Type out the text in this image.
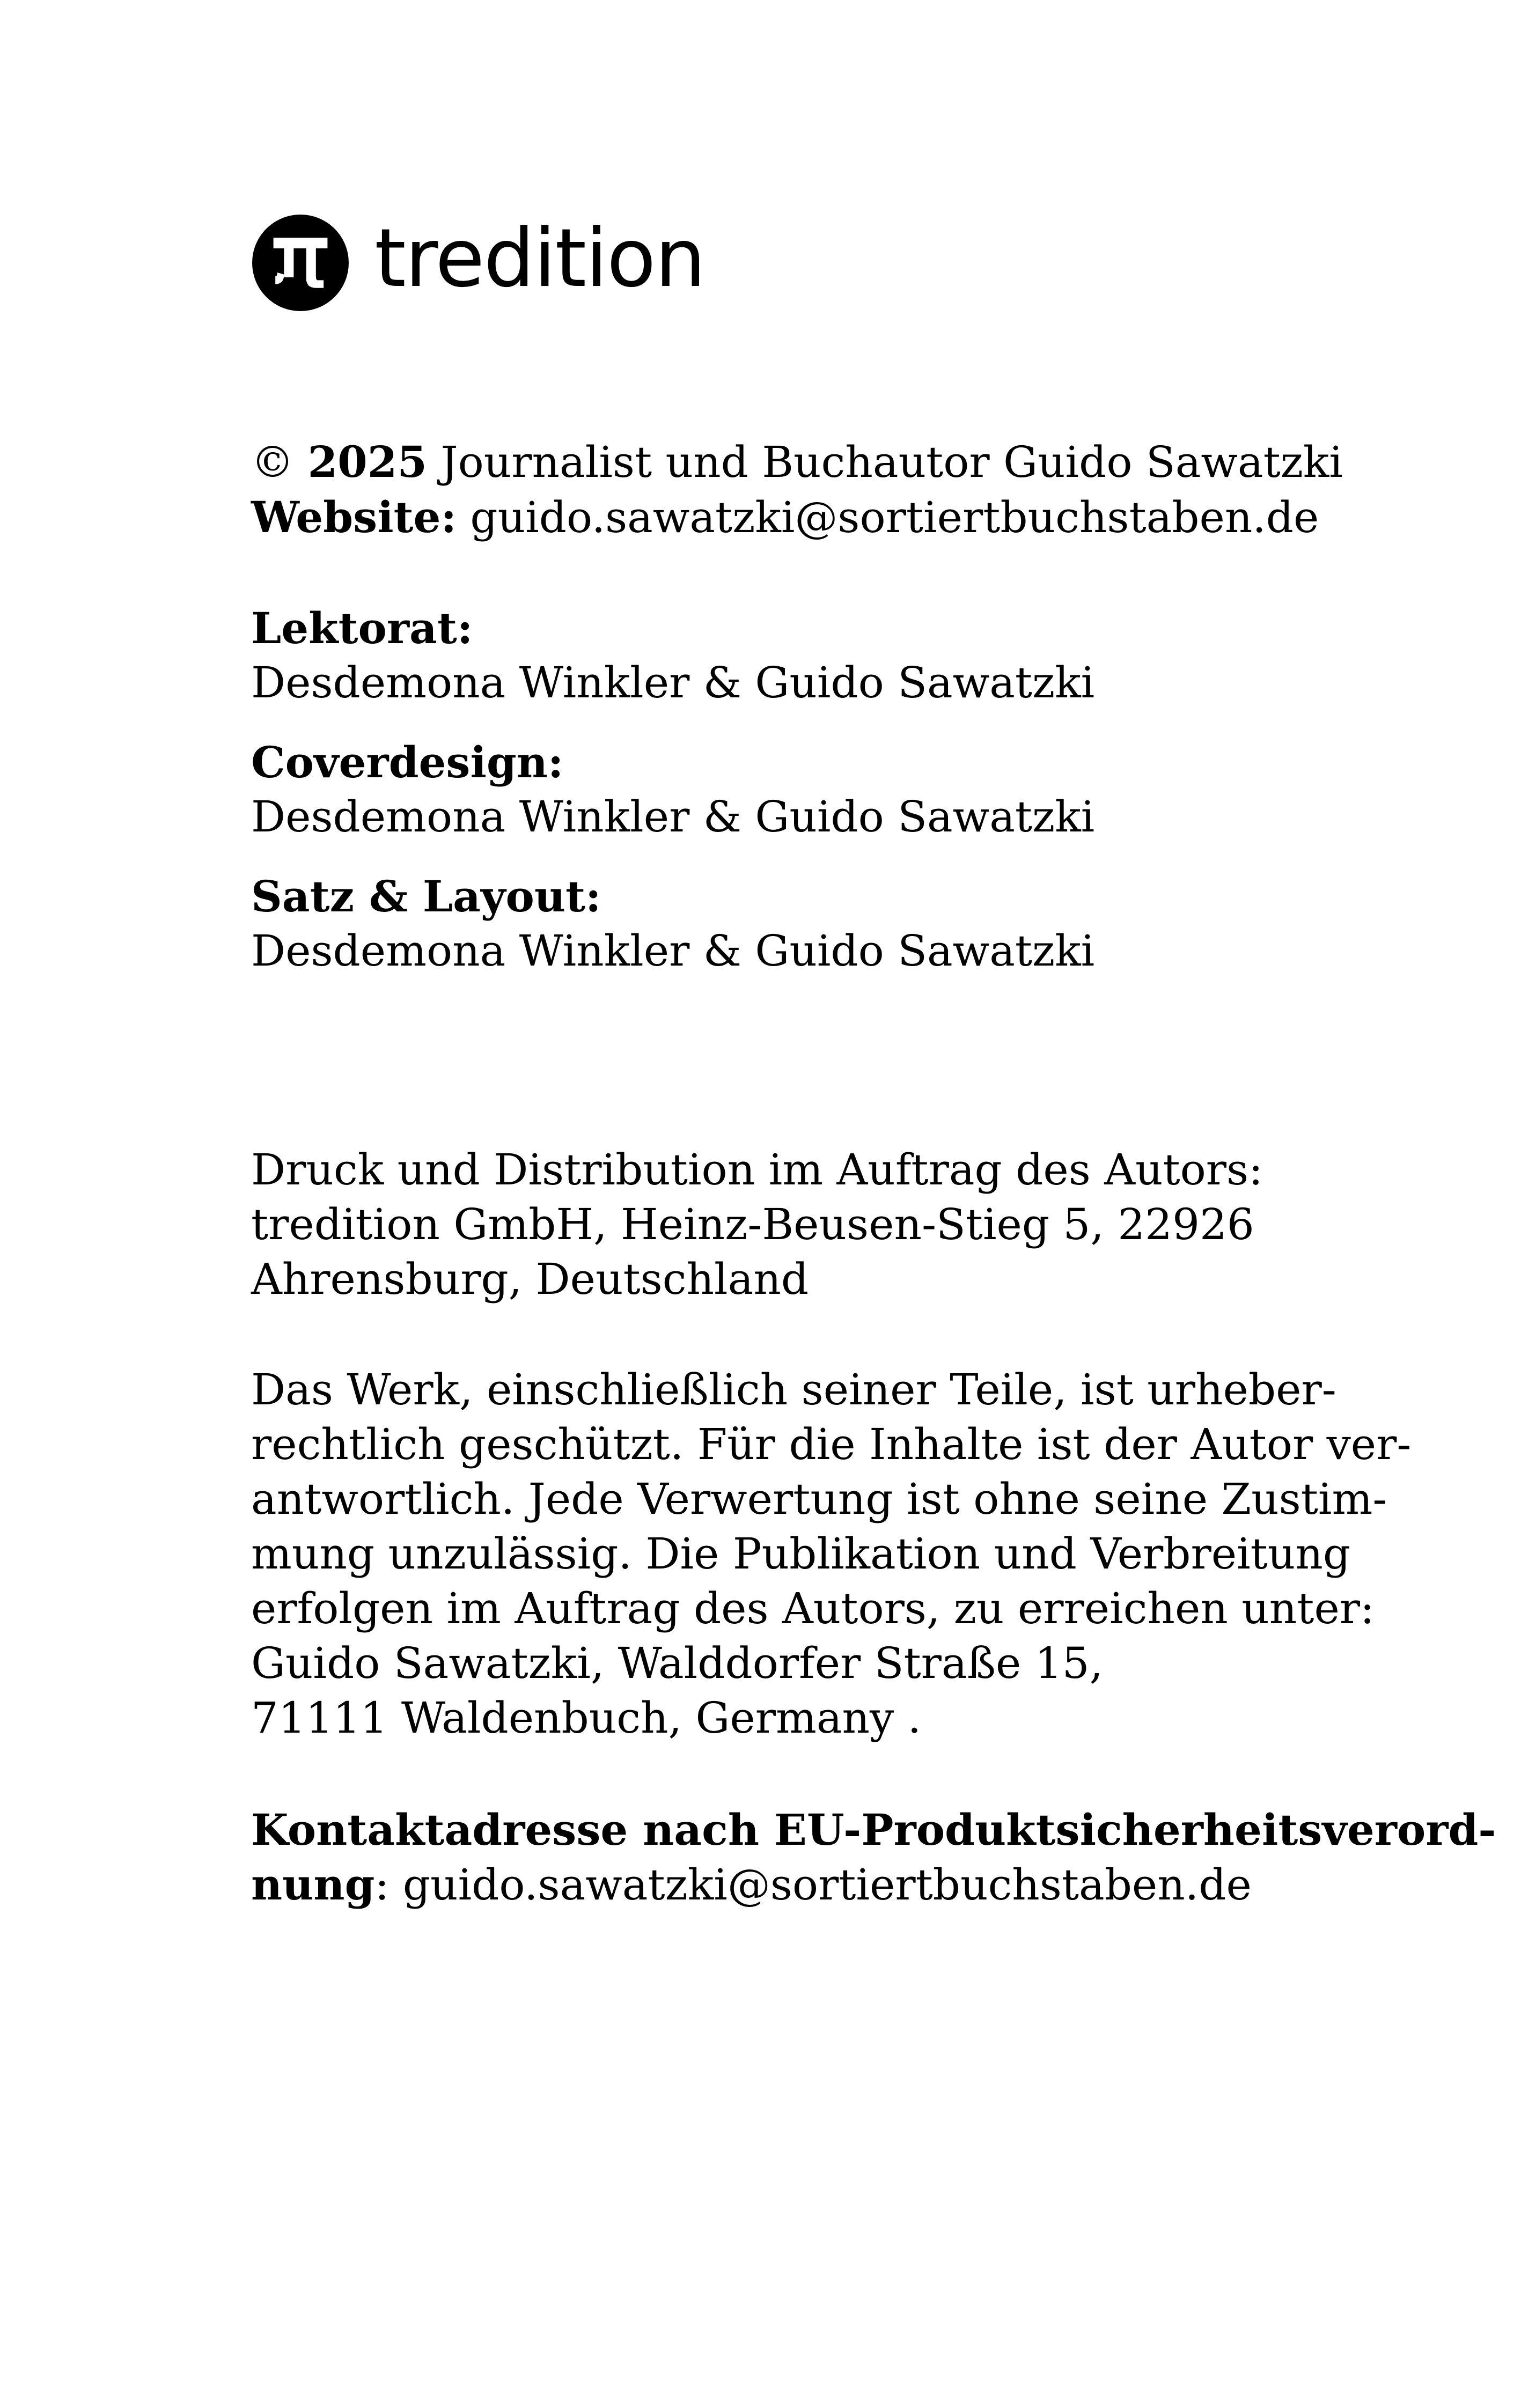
tredition
© 2025 Journalist und Buchautor Guido Sawatzki
Website: guido.sawatzki@sortiertbuchstaben.de
Lektorat:
Desdemona Winkler & Guido Sawatzki
Coverdesign:
Desdemona Winkler & Guido Sawatzki
Satz & Layout:
Desdemona Winkler & Guido Sawatzki
Druck und Distribution im Auftrag des Autors:
tredition GmbH, Heinz-Beusen-Stieg 5, 22926
Ahrensburg, Deutschland
Das Werk, einschließlich seiner Teile, ist urheber-
rechtlich geschützt. Für die Inhalte ist der Autor ver-
antwortlich. Jede Verwertung ist ohne seine Zustim-
mung unzulässig. Die Publikation und Verbreitung
erfolgen im Auftrag des Autors, zu erreichen unter:
Guido Sawatzki, Walddorfer Straße 15,
71111 Waldenbuch, Germany .
Kontaktadresse nach EU-Produktsicherheitsverord-
nung: guido.sawatzki@sortiertbuchstaben.de
